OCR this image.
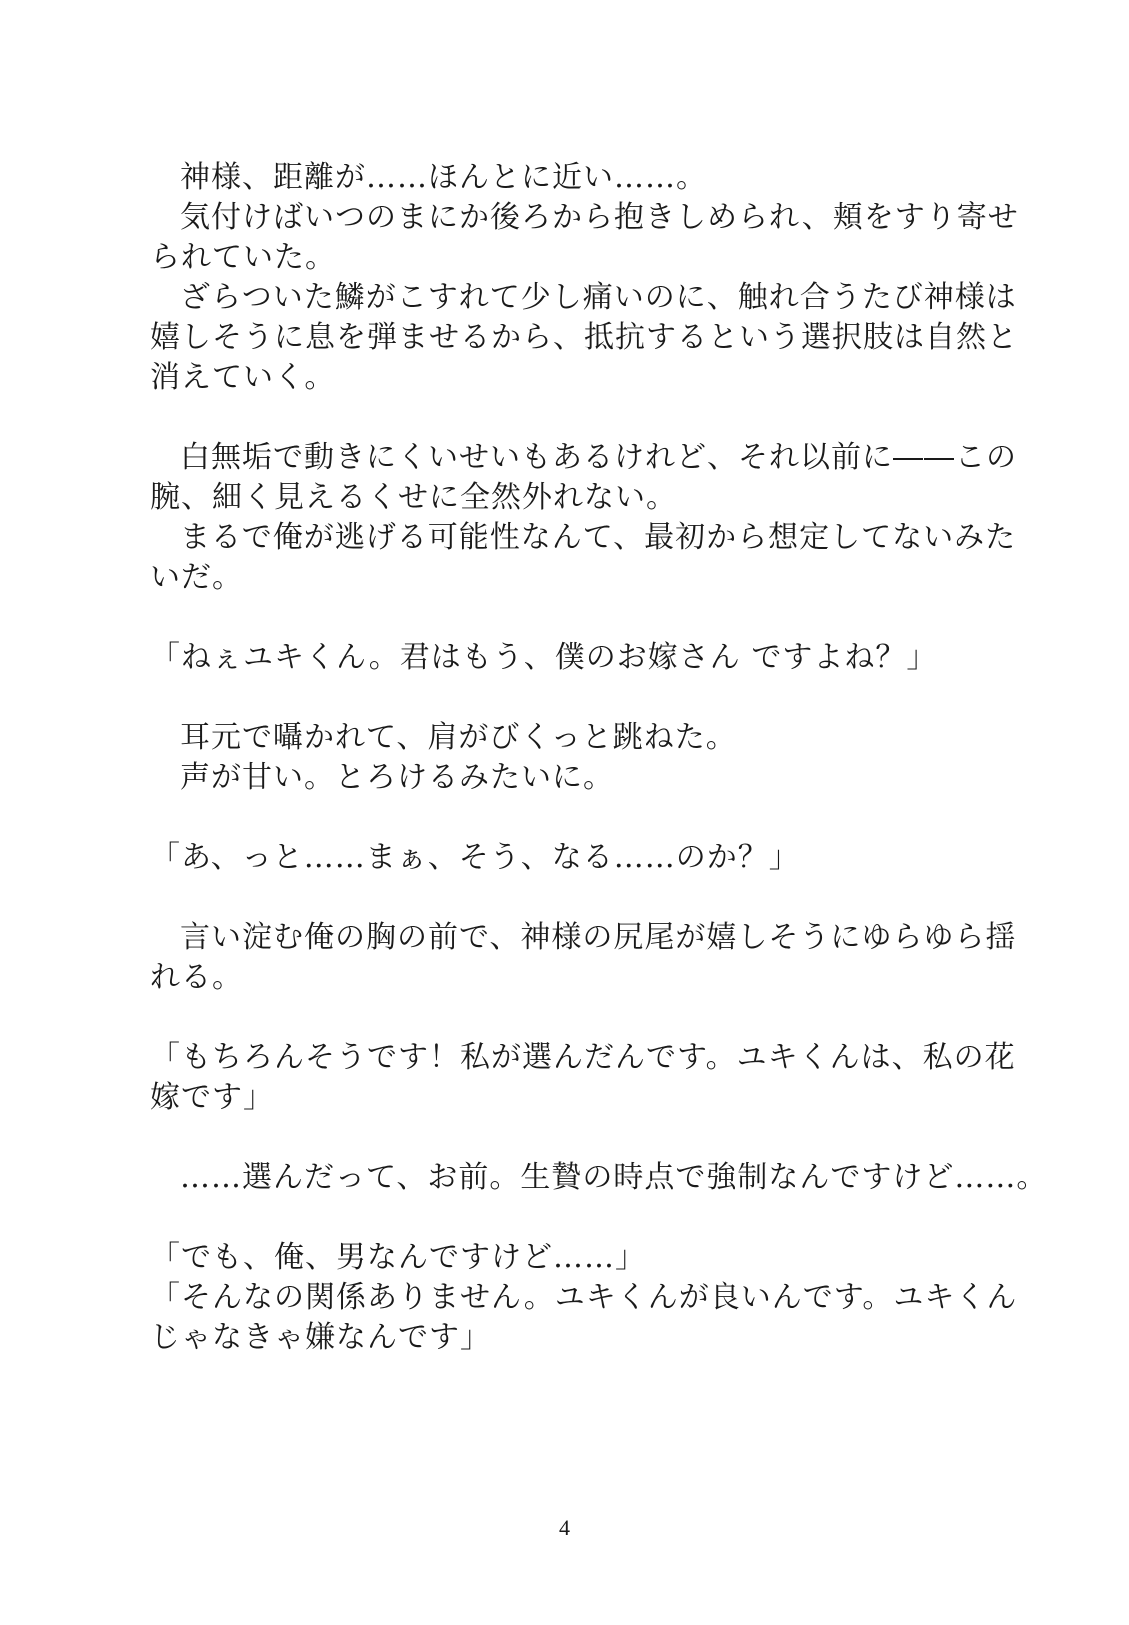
神様、距離が……ほんとに近い……。
気付けばいつのまにか後ろから抱きしめられ、頬をすり寄せ
られていた。
ざらついた鱗がこすれて少し痛いのに、触れ合うたび神様は
嬉しそうに息を弾ませるから、抵抗するという選択肢は自然と
消えていく。
白無垢で動きにくいせいもあるけれど、それ以前に――この
腕、細く見えるくせに全然外れない。
まるで俺が逃げる可能性なんて、最初から想定してないみた
いだ。
「ねぇユキくん。君はもう、僕のお嫁さん ですよね？」
耳元で囁かれて、肩がびくっと跳ねた。
声が甘い。とろけるみたいに。
「あ、っと……まぁ、そう、なる……のか？」
言い淀む俺の胸の前で、神様の尻尾が嬉しそうにゆらゆら揺
れる。
「もちろんそうです！私が選んだんです。ユキくんは、私の花
嫁です」
……選んだって、お前。生贄の時点で強制なんですけど……。
「でも、俺、男なんですけど……」
「そんなの関係ありません。ユキくんが良いんです。ユキくん
じゃなきゃ嫌なんです」
4
